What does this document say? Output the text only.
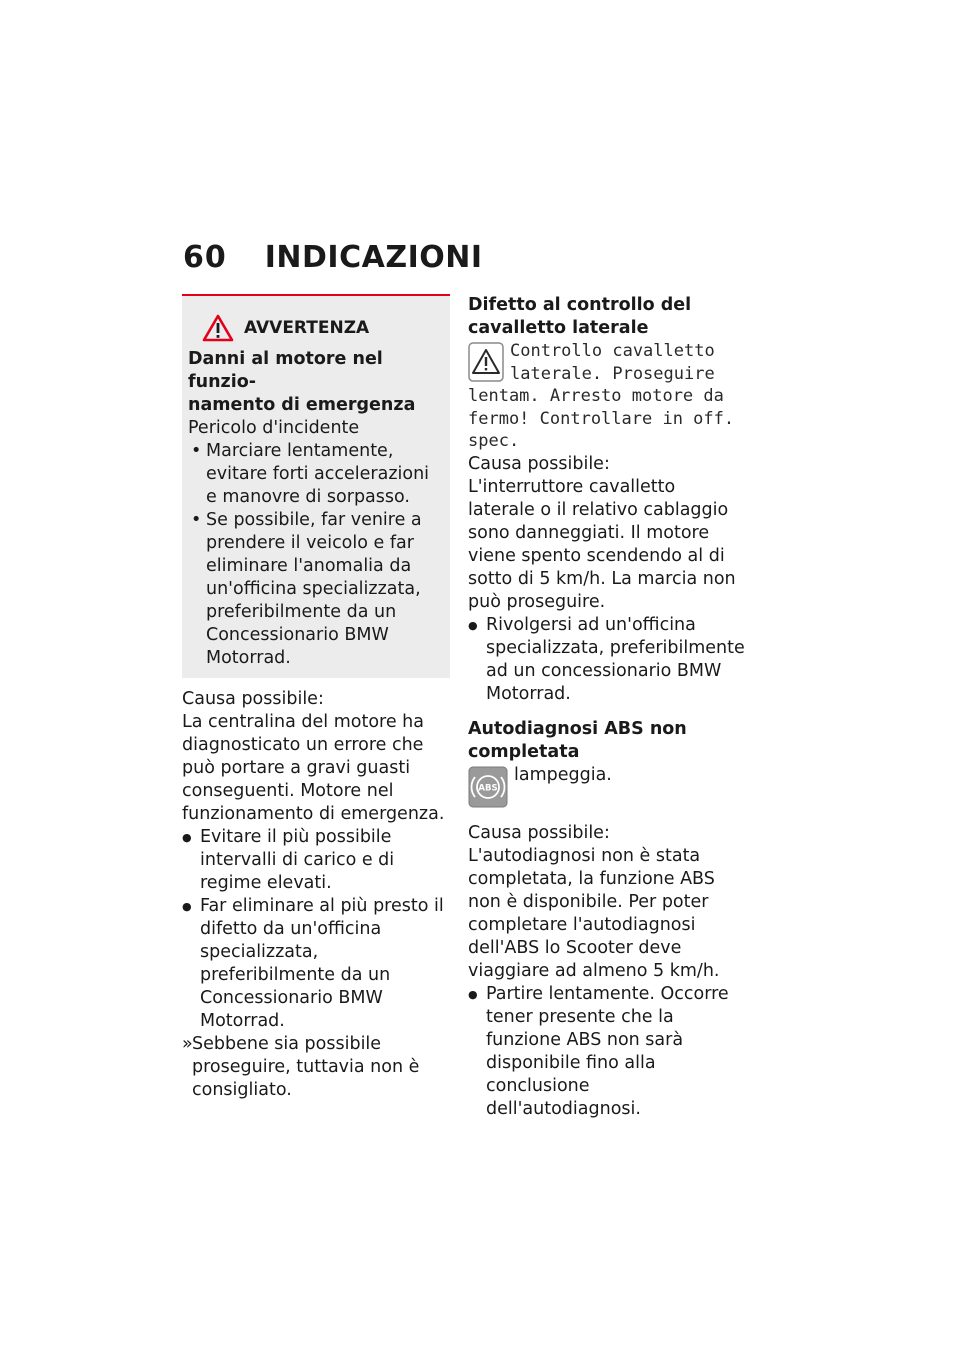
60 INDICAZIONI
AVVERTENZA

Danni al motore nel funzio-

namento di emergenza

Pericolo d'incidente

• Marciare lentamente, evitare forti accelerazioni e manovre di sorpasso.
• Se possibile, far venire a prendere il veicolo e far eliminare l'anomalia da un'officina specializzata, preferibilmente da un Concessionario BMW Motorrad.

Causa possibile:

La centralina del motore ha diagnosticato un errore che può portare a gravi guasti conseguenti. Motore nel funzionamento di emergenza.

● Evitare il più possibile intervalli di carico e di regime elevati.
● Far eliminare al più presto il difetto da un'officina specializzata, preferibilmente da un Concessionario BMW Motorrad.

» Sebbene sia possibile proseguire, tuttavia non è consigliato.

Difetto al controllo del cavalletto laterale

Controllo cavalletto laterale. Proseguire lentam. Arresto motore da fermo! Controllare in off. spec.

Causa possibile:

L'interruttore cavalletto laterale o il relativo cablaggio sono danneggiati. Il motore viene spento scendendo al di sotto di 5 km/h. La marcia non può proseguire.

● Rivolgersi ad un'officina specializzata, preferibilmente ad un concessionario BMW Motorrad.

Autodiagnosi ABS non completata

ABS

lampeggia.

Causa possibile:

L'autodiagnosi non è stata completata, la funzione ABS non è disponibile. Per poter completare l'autodiagnosi dell'ABS lo Scooter deve viaggiare ad almeno 5 km/h.

● Partire lentamente. Occorre tener presente che la funzione ABS non sarà disponibile fino alla conclusione dell'autodiagnosi.
